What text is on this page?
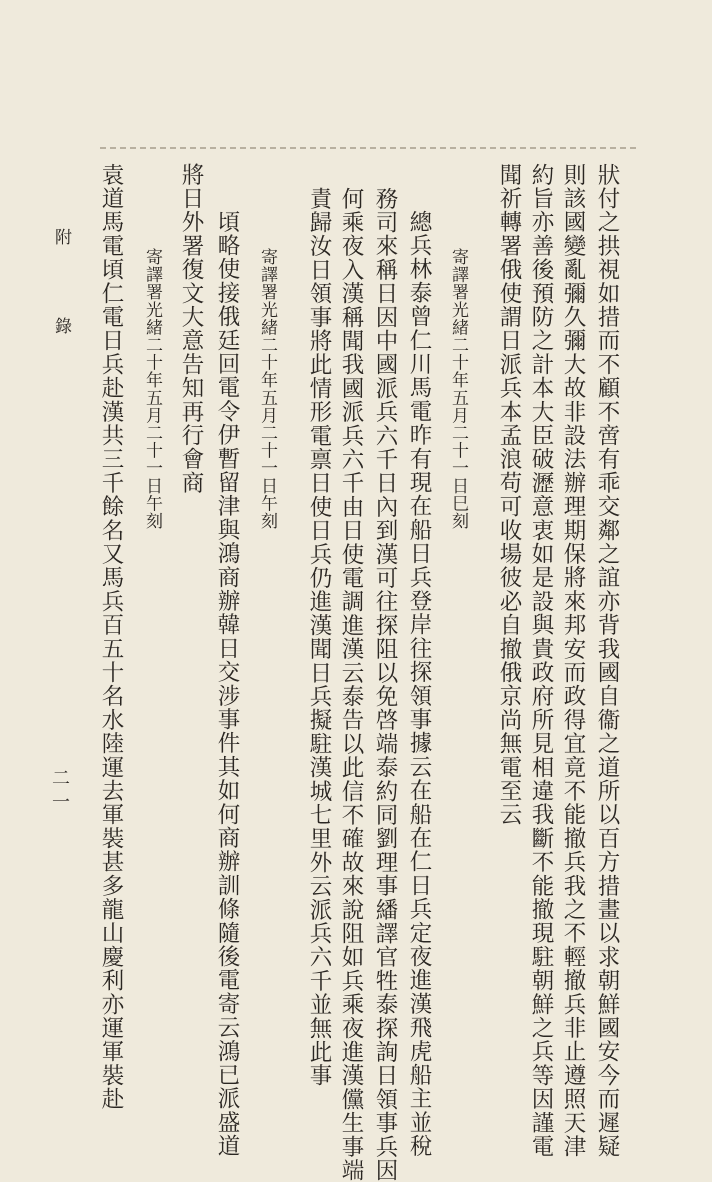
狀付之拱視如措而不顧不啻有乖交鄰之誼亦背我國自衞之道所以百方措畫以求朝鮮國安今而遲疑
則該國變亂彌久彌大故非設法辦理期保將來邦安而政得宜竟不能撤兵我之不輕撤兵非止遵照天津
約旨亦善後預防之計本大臣破瀝意衷如是設與貴政府所見相違我斷不能撤現駐朝鮮之兵等因謹電
聞祈轉署俄使謂日派兵本孟浪苟可收場彼必自撤俄京尚無電至云
寄譯署光緒二十年五月二十一日巳刻
總兵林泰曾仁川馬電昨有現在船日兵登岸往探領事據云在船在仁日兵定夜進漢飛虎船主並稅
務司來稱日因中國派兵六千日內到漢可往探阻以免啓端泰約同劉理事繙譯官牲泰探詢日領事兵因
何乘夜入漢稱聞我國派兵六千由日使電調進漢云泰告以此信不確故來說阻如兵乘夜進漢儻生事端
責歸汝日領事將此情形電禀日使日兵仍進漢聞日兵擬駐漢城七里外云派兵六千並無此事
寄譯署光緒二十年五月二十一日午刻
頃略使接俄廷回電令伊暫留津與鴻商辦韓日交涉事件其如何商辦訓條隨後電寄云鴻已派盛道
將日外署復文大意告知再行會商
寄譯署光緒二十年五月二十一日午刻
袁道馬電頃仁電日兵赴漢共三千餘名又馬兵百五十名水陸運去軍裝甚多龍山慶利亦運軍裝赴
附 錄
二一
